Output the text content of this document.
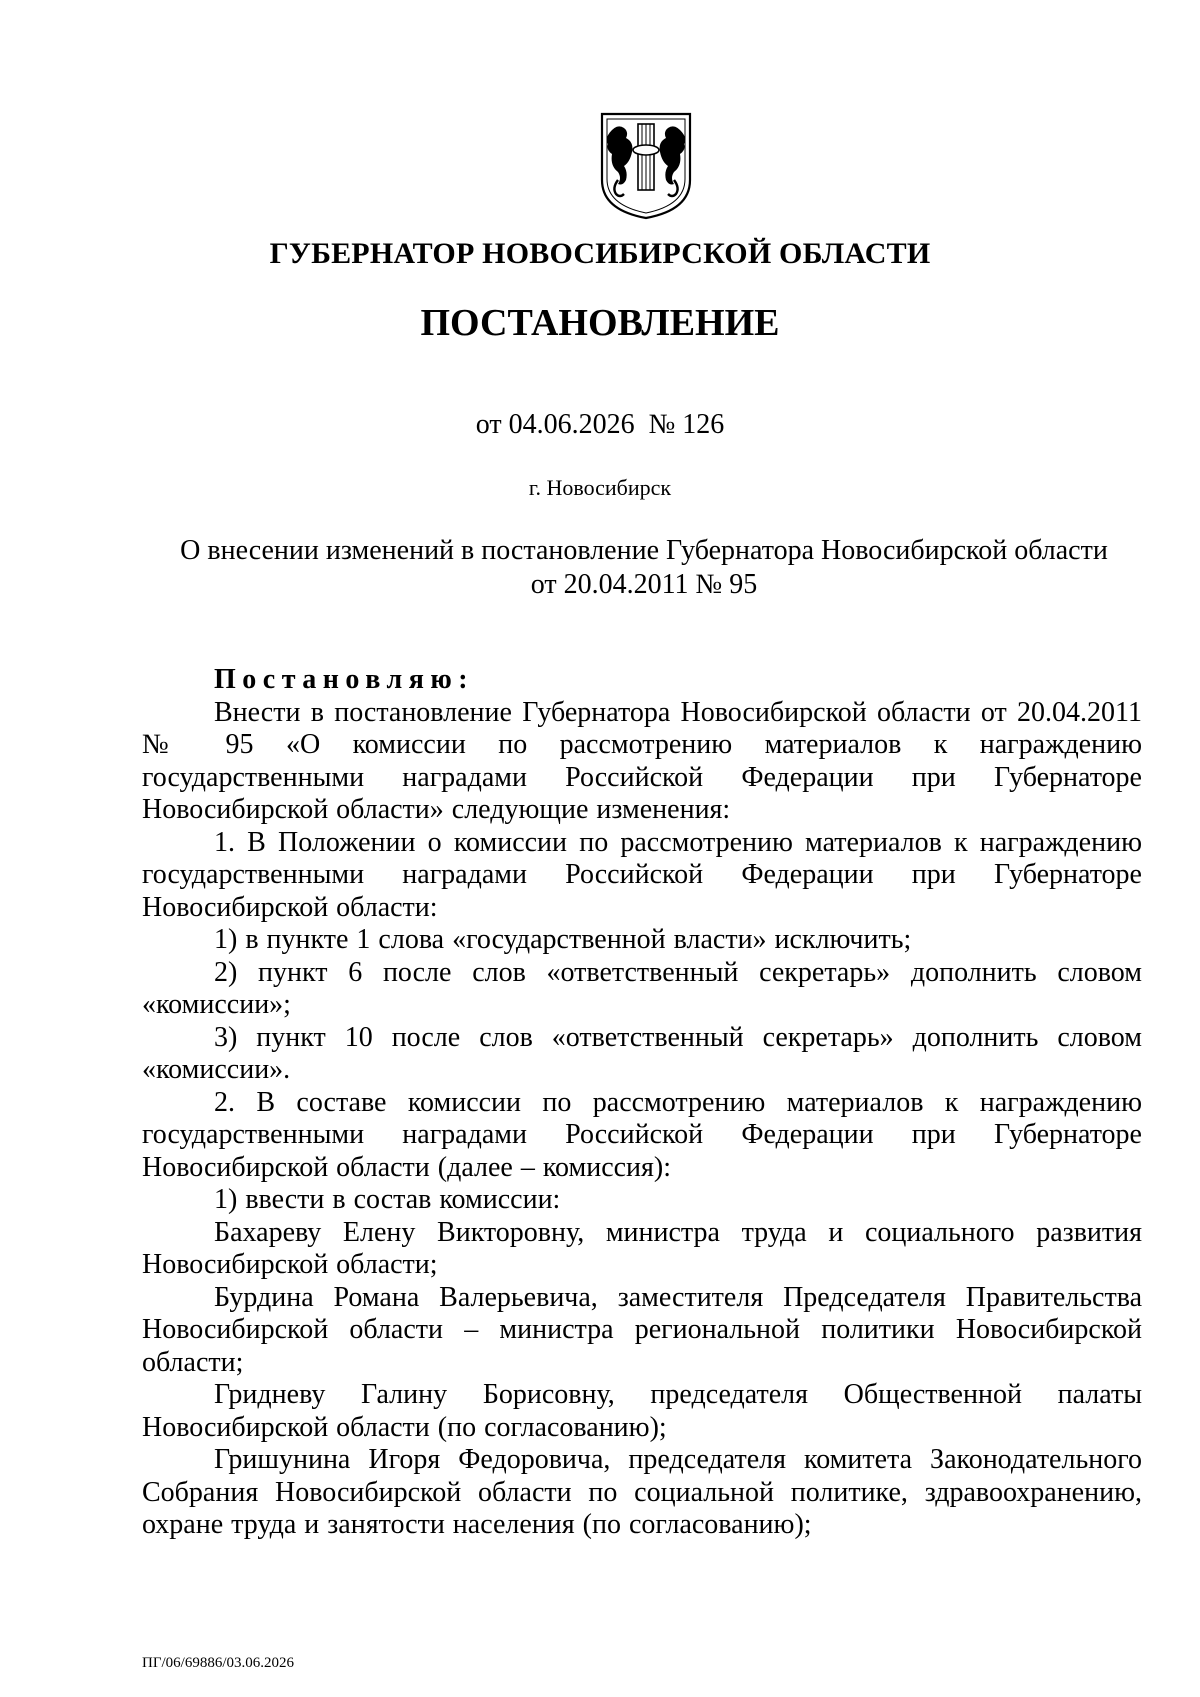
ГУБЕРНАТОР НОВОСИБИРСКОЙ ОБЛАСТИ
ПОСТАНОВЛЕНИЕ
от 04.06.2026  № 126
г. Новосибирск
О внесении изменений в постановление Губернатора Новосибирской области
от 20.04.2011 № 95

Постановляю:

Внести в постановление Губернатора Новосибирской области от 20.04.2011 № 95 «О комиссии по рассмотрению материалов к награждению государственными наградами Российской Федерации при Губернаторе Новосибирской области» следующие изменения:

1. В Положении о комиссии по рассмотрению материалов к награждению государственными наградами Российской Федерации при Губернаторе Новосибирской области:

1) в пункте 1 слова «государственной власти» исключить;

2) пункт 6 после слов «ответственный секретарь» дополнить словом «комиссии»;

3) пункт 10 после слов «ответственный секретарь» дополнить словом «комиссии».

2. В составе комиссии по рассмотрению материалов к награждению государственными наградами Российской Федерации при Губернаторе Новосибирской области (далее – комиссия):

1) ввести в состав комиссии:

Бахареву Елену Викторовну, министра труда и социального развития Новосибирской области;

Бурдина Романа Валерьевича, заместителя Председателя Правительства Новосибирской области – министра региональной политики Новосибирской области;

Гридневу Галину Борисовну, председателя Общественной палаты Новосибирской области (по согласованию);

Гришунина Игоря Федоровича, председателя комитета Законодательного Собрания Новосибирской области по социальной политике, здравоохранению, охране труда и занятости населения (по согласованию);

ПГ/06/69886/03.06.2026
